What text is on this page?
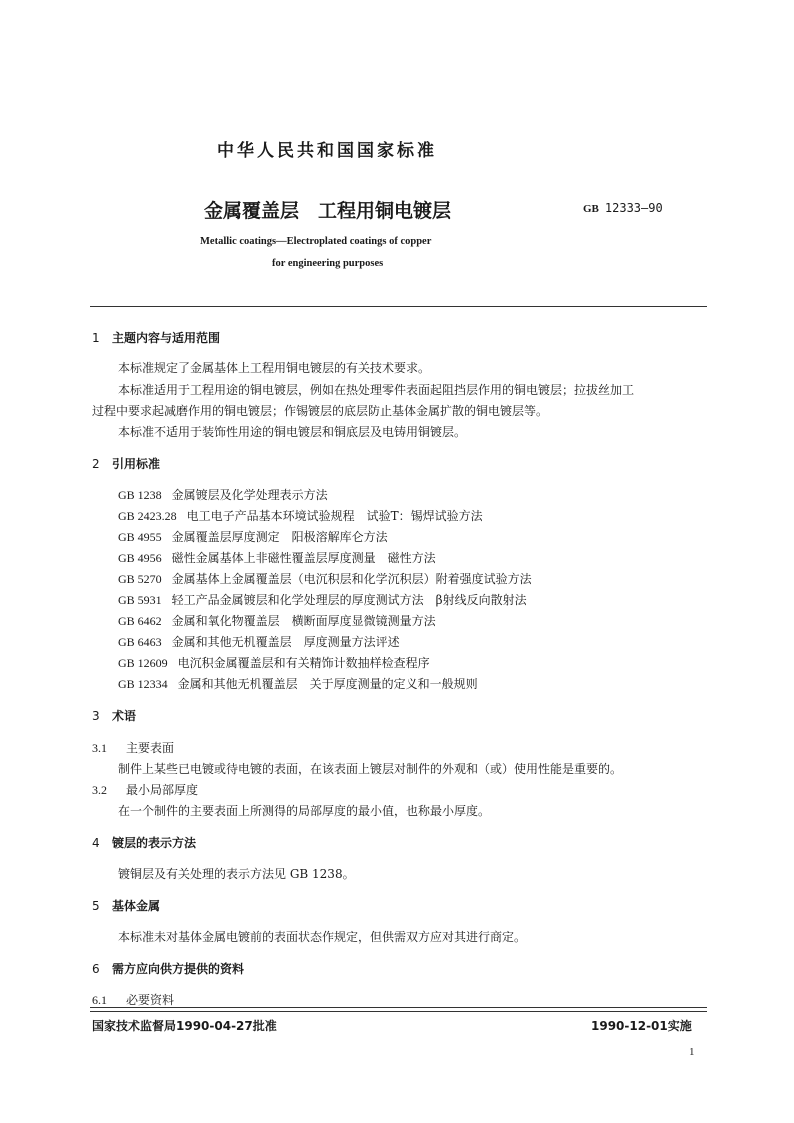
中华人民共和国国家标准
金属覆盖层　工程用铜电镀层	GB 12333—90
Metallic coatings—Electroplated coatings of copper
for engineering purposes
1 主题内容与适用范围
本标准规定了金属基体上工程用铜电镀层的有关技术要求。
本标准适用于工程用途的铜电镀层，例如在热处理零件表面起阻挡层作用的铜电镀层；拉拔丝加工
过程中要求起减磨作用的铜电镀层；作锡镀层的底层防止基体金属扩散的铜电镀层等。
本标准不适用于装饰性用途的铜电镀层和铜底层及电铸用铜镀层。
2 引用标准
GB 1238 金属镀层及化学处理表示方法
GB 2423.28 电工电子产品基本环境试验规程　试验T：锡焊试验方法
GB 4955 金属覆盖层厚度测定　阳极溶解库仑方法
GB 4956 磁性金属基体上非磁性覆盖层厚度测量　磁性方法
GB 5270 金属基体上金属覆盖层（电沉积层和化学沉积层）附着强度试验方法
GB 5931 轻工产品金属镀层和化学处理层的厚度测试方法　β射线反向散射法
GB 6462 金属和氧化物覆盖层　横断面厚度显微镜测量方法
GB 6463 金属和其他无机覆盖层　厚度测量方法评述
GB 12609 电沉积金属覆盖层和有关精饰计数抽样检查程序
GB 12334 金属和其他无机覆盖层　关于厚度测量的定义和一般规则
3 术语
3.1 主要表面
制件上某些已电镀或待电镀的表面，在该表面上镀层对制件的外观和（或）使用性能是重要的。
3.2 最小局部厚度
在一个制件的主要表面上所测得的局部厚度的最小值，也称最小厚度。
4 镀层的表示方法
镀铜层及有关处理的表示方法见 GB 1238。
5 基体金属
本标准未对基体金属电镀前的表面状态作规定，但供需双方应对其进行商定。
6 需方应向供方提供的资料
6.1 必要资料
国家技术监督局1990-04-27批准	1990-12-01实施
1
